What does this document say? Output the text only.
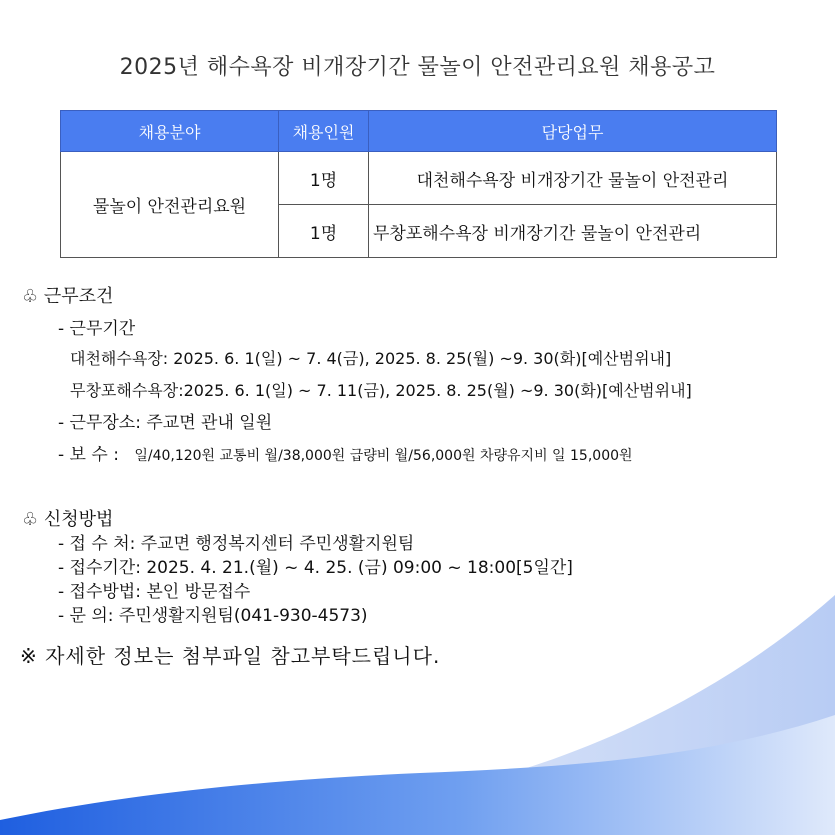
2025년 해수욕장 비개장기간 물놀이 안전관리요원 채용공고
채용분야	채용인원	담당업무
물놀이 안전관리요원	1명	대천해수욕장 비개장기간 물놀이 안전관리
	1명	무창포해수욕장 비개장기간 물놀이 안전관리
♧ 근무조건
- 근무기간
대천해수욕장: 2025. 6. 1(일) ~ 7. 4(금), 2025. 8. 25(월) ~9. 30(화)[예산범위내]
무창포해수욕장:2025. 6. 1(일) ~ 7. 11(금), 2025. 8. 25(월) ~9. 30(화)[예산범위내]
- 근무장소: 주교면 관내 일원
- 보 수 : 일/40,120원 교통비 월/38,000원 급량비 월/56,000원 차량유지비 일 15,000원
♧ 신청방법
- 접 수 처: 주교면 행정복지센터 주민생활지원팀
- 접수기간: 2025. 4. 21.(월) ~ 4. 25. (금) 09:00 ~ 18:00[5일간]
- 접수방법: 본인 방문접수
- 문 의: 주민생활지원팀(041-930-4573)
※ 자세한 정보는 첨부파일 참고부탁드립니다.
